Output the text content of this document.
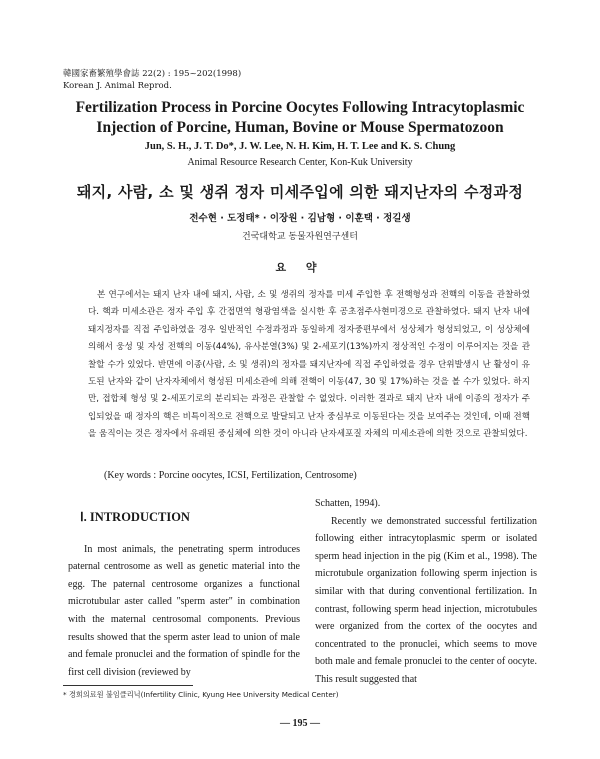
韓國家畜繁殖學會誌 22(2) : 195~202(1998)
Korean J. Animal Reprod.
Fertilization Process in Porcine Oocytes Following Intracytoplasmic
Injection of Porcine, Human, Bovine or Mouse Spermatozoon
Jun, S. H., J. T. Do*, J. W. Lee, N. H. Kim, H. T. Lee and K. S. Chung
Animal Resource Research Center, Kon-Kuk University
돼지, 사람, 소 및 생쥐 정자 미세주입에 의한 돼지난자의 수정과정
전수현 · 도정태* · 이장원 · 김남형 · 이훈택 · 정길생
건국대학교 동물자원연구센터
요 약

본 연구에서는 돼지 난자 내에 돼지, 사람, 소 및 생쥐의 정자를 미세 주입한 후 전핵형성과 전핵의 이동을 관찰하였다. 핵과 미세소관은 정자 주입 후 간접면역 형광염색을 실시한 후 공초점주사현미경으로 관찰하였다. 돼지 난자 내에 돼지정자를 직접 주입하였을 경우 일반적인 수정과정과 동일하게 정자중편부에서 성상체가 형성되었고, 이 성상체에 의해서 웅성 및 자성 전핵의 이동(44%), 유사분열(3%) 및 2-세포기(13%)까지 정상적인 수정이 이루어지는 것을 관찰할 수가 있었다. 반면에 이종(사람, 소 및 생쥐)의 정자를 돼지난자에 직접 주입하였을 경우 단위발생시 난 활성이 유도된 난자와 같이 난자자체에서 형성된 미세소관에 의해 전핵이 이동(47, 30 및 17%)하는 것을 볼 수가 있었다. 하지만, 접합체 형성 및 2-세포기로의 분리되는 과정은 관찰할 수 없었다. 이러한 결과로 돼지 난자 내에 이종의 정자가 주입되었을 때 정자의 핵은 비특이적으로 전핵으로 발달되고 난자 중심부로 이동된다는 것을 보여주는 것인데, 이때 전핵을 움직이는 것은 정자에서 유래된 중심체에 의한 것이 아니라 난자세포질 자체의 미세소관에 의한 것으로 관찰되었다.

(Key words : Porcine oocytes, ICSI, Fertilization, Centrosome)

Ⅰ. INTRODUCTION

In most animals, the penetrating sperm introduces paternal centrosome as well as genetic material into the egg. The paternal centrosome organizes a functional microtubular aster called "sperm aster" in combination with the maternal centrosomal components. Previous results showed that the sperm aster lead to union of male and female pronuclei and the formation of spindle for the first cell division (reviewed by

Schatten, 1994).

Recently we demonstrated successful fertilization following either intracytoplasmic sperm or isolated sperm head injection in the pig (Kim et al., 1998). The microtubule organization following sperm injection is similar with that during conventional fertilization. In contrast, following sperm head injection, microtubules were organized from the cortex of the oocytes and concentrated to the pronuclei, which seems to move both male and female pronuclei to the center of oocyte. This result suggested that

* 경희의료원 불임클리닉(Infertility Clinic, Kyung Hee University Medical Center)
— 195 —
